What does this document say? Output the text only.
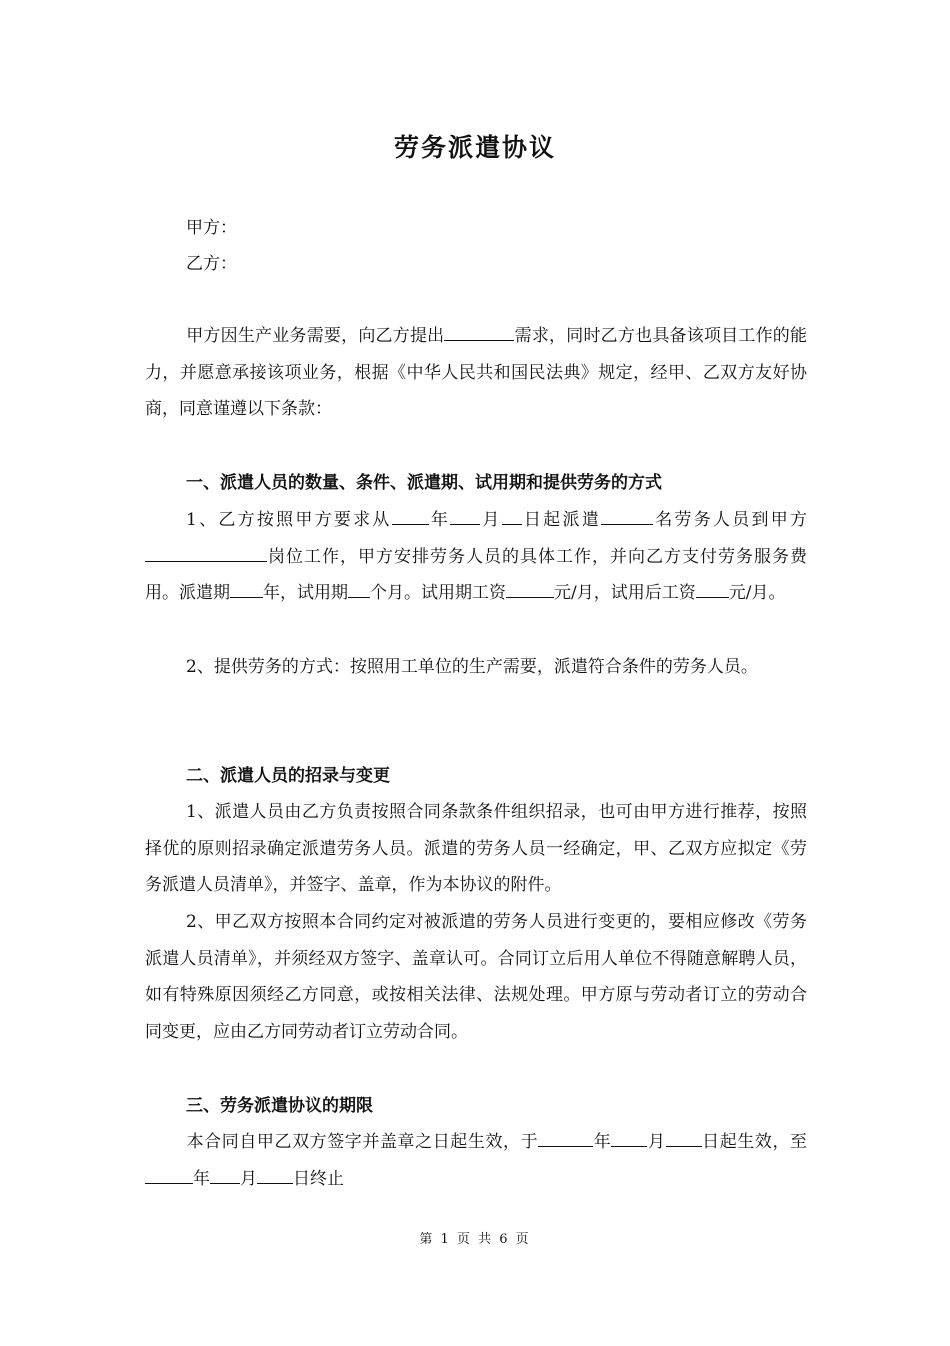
劳务派遣协议
甲方：
乙方：
甲方因生产业务需要，向乙方提出	需求，同时乙方也具备该项目工作的能力，并愿意承接该项业务，根据《中华人民共和国民法典》规定，经甲、乙双方友好协商，同意谨遵以下条款：
一、派遣人员的数量、条件、派遣期、试用期和提供劳务的方式
1、乙方按照甲方要求从 年 月 日起派遣	名劳务人员到甲方岗位工作，甲方安排劳务人员的具体工作，并向乙方支付劳务服务费用。派遣期 年，试用期 个月。试用期工资	元/月，试用后工资 元/月。
2、提供劳务的方式：按照用工单位的生产需要，派遣符合条件的劳务人员。
二、派遣人员的招录与变更
1、派遣人员由乙方负责按照合同条款条件组织招录，也可由甲方进行推荐，按照择优的原则招录确定派遣劳务人员。派遣的劳务人员一经确定，甲、乙双方应拟定《劳务派遣人员清单》，并签字、盖章，作为本协议的附件。
2、甲乙双方按照本合同约定对被派遣的劳务人员进行变更的，要相应修改《劳务派遣人员清单》，并须经双方签字、盖章认可。合同订立后用人单位不得随意解聘人员，如有特殊原因须经乙方同意，或按相关法律、法规处理。甲方原与劳动者订立的劳动合同变更，应由乙方同劳动者订立劳动合同。
三、劳务派遣协议的期限
本合同自甲乙双方签字并盖章之日起生效，于	年 月 日起生效，至年 月 日终止
第 1 页 共 6 页
